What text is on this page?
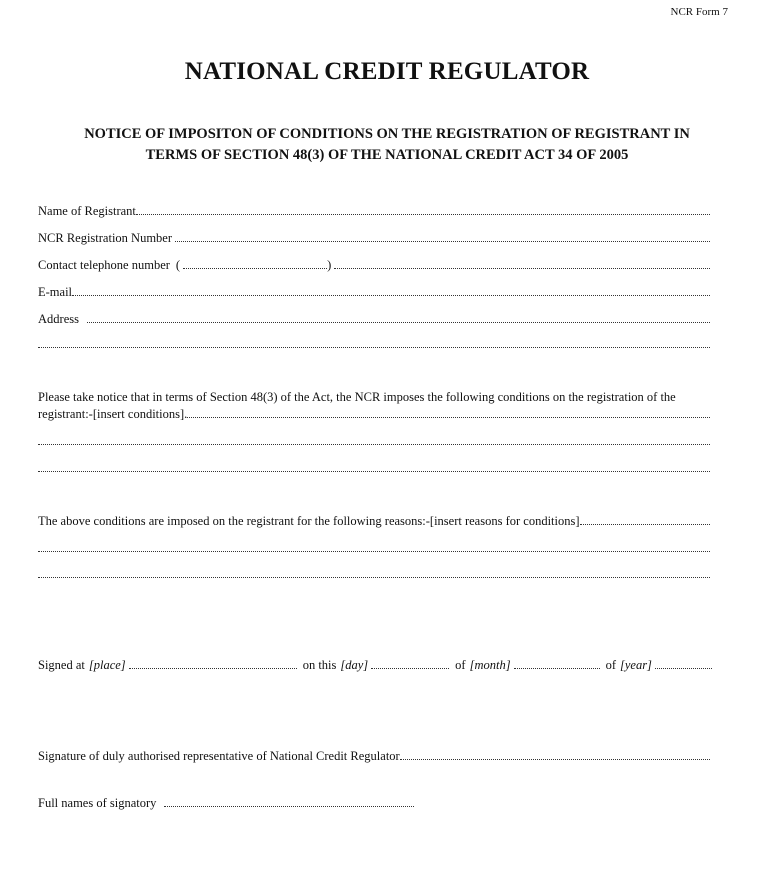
NCR Form 7
NATIONAL CREDIT REGULATOR
NOTICE OF IMPOSITON OF CONDITIONS ON THE REGISTRATION OF REGISTRANT IN
TERMS OF SECTION 48(3) OF THE NATIONAL CREDIT ACT 34 OF 2005
Name of Registrant
NCR Registration Number
Contact telephone number (	)
E-mail
Address
Please take notice that in terms of Section 48(3) of the Act, the NCR imposes the following conditions on the registration of the
registrant:-[insert conditions].
The above conditions are imposed on the registrant for the following reasons:-[insert reasons for conditions]
Signed at [place]	on this [day]	of [month]	of [year]
Signature of duly authorised representative of National Credit Regulator
Full names of signatory
